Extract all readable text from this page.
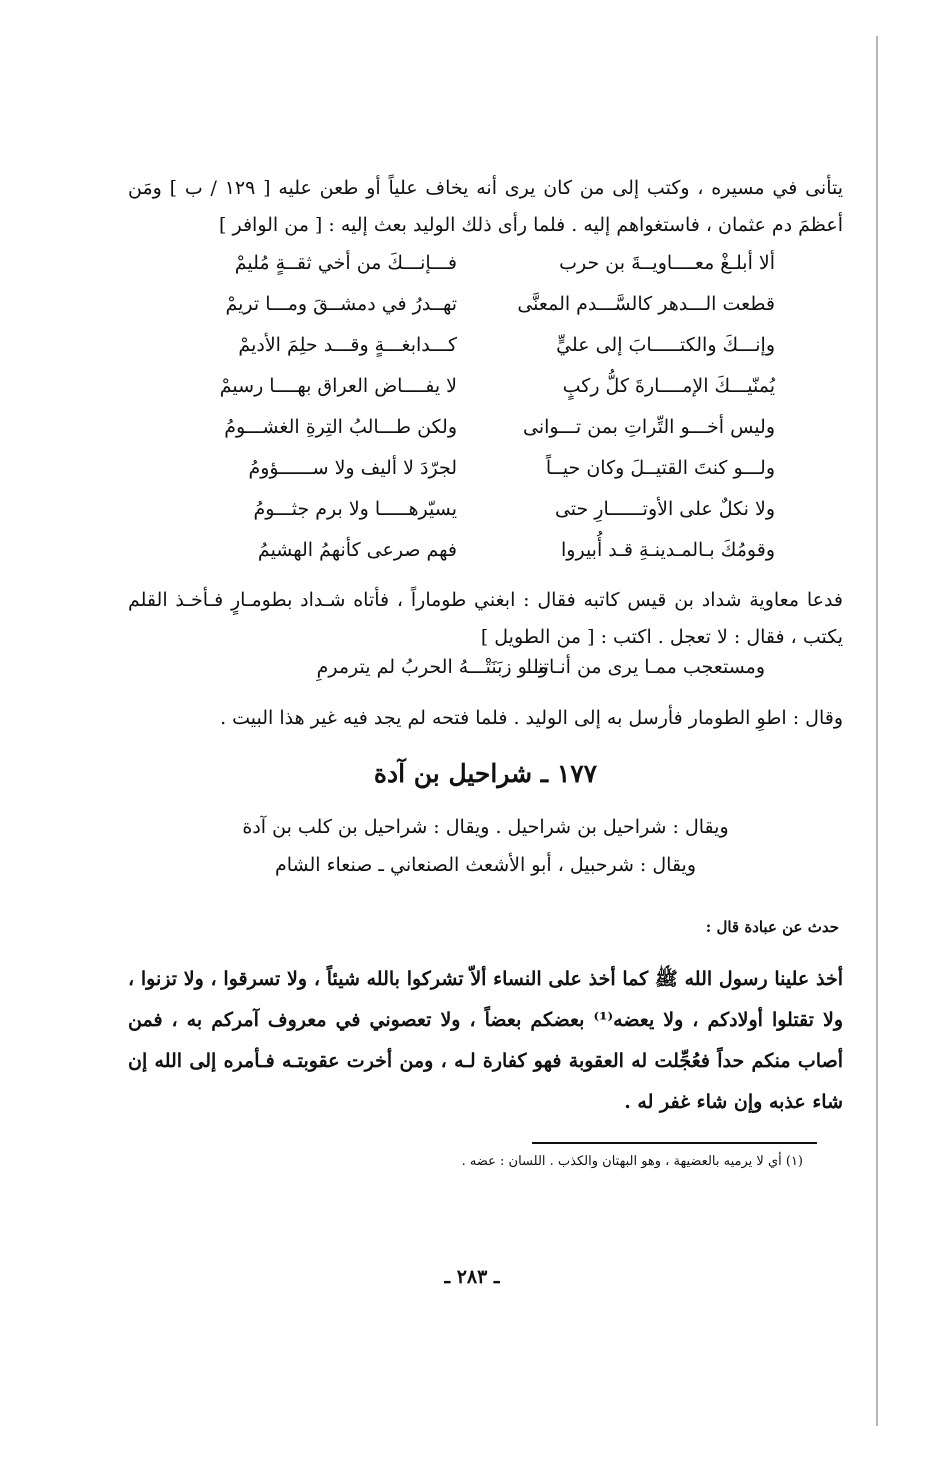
يتأنى في مسيره ، وكتب إلى من كان يرى أنه يخاف علياً أو طعن عليه [ ١٢٩ / ب ] ومَن أعظمَ دم عثمان ، فاستغواهم إليه . فلما رأى ذلك الوليد بعث إليه : [ من الوافر ]

ألا أبلـغْ معــــاويــةَ بن حرب
فـــإنـــكَ من أخي ثقــةٍ مُليمْ
قطعت الـــدهر كالسَّـــدم المعنَّى
تهــدرُ في دمشــقَ ومـــا تريمْ
وإنـــكَ والكتـــــابَ إلى عليٍّ
كـــدابغـــةٍ وقـــد حلِمَ الأديمْ
يُمنّيـــكَ الإمــــارةَ كلُّ ركبٍ
لا يفــــاض العراق بهــــا رسيمْ
وليس أخـــو التِّراتِ بمن تـــوانى
ولكن طـــالبُ التِرةِ الغشـــومُ
ولـــو كنتَ القتيــلَ وكان حيــاً
لجرّدَ لا أليف ولا ســــــؤومُ
ولا نكلٌ على الأوتــــــارِ حتى
يسيّرهـــــا ولا برم جثـــومُ
وقومُكَ بـالمـدينـةِ قـد أُبيروا
فهم صرعى كأنهمُ الهشيمُ

فدعا معاوية شداد بن قيس كاتبه فقال : ابغني طوماراً ، فأتاه شـداد بطومـارٍ فـأخـذ القلم يكتب ، فقال : لا تعجل . اكتب : [ من الطويل ]

ومستعجب ممـا يرى من أنـاتنـا
ولـو زبَنَتْـــهُ الحربُ لم يترمرمِ

وقال : اطوِ الطومار فأرسل به إلى الوليد . فلما فتحه لم يجد فيه غير هذا البيت .

١٧٧ ـ شراحيل بن آدة
ويقال : شراحيل بن شراحيل . ويقال : شراحيل بن كلب بن آدة
ويقال : شرحبيل ، أبو الأشعث الصنعاني ـ صنعاء الشام
حدث عن عبادة قال :

أخذ علينا رسول الله ﷺ كما أخذ على النساء ألاّ تشركوا بالله شيئاً ، ولا تسرقوا ، ولا تزنوا ، ولا تقتلوا أولادكم ، ولا يعضه⁽¹⁾ بعضكم بعضاً ، ولا تعصوني في معروف آمركم به ، فمن أصاب منكم حداً فعُجِّلت له العقوبة فهو كفارة لـه ، ومن أخرت عقوبتـه فـأمره إلى الله إن شاء عذبه وإن شاء غفر له .

(١) أي لا يرميه بالعضيهة ، وهو البهتان والكذب . اللسان : عضه .
ـ ٢٨٣ ـ
